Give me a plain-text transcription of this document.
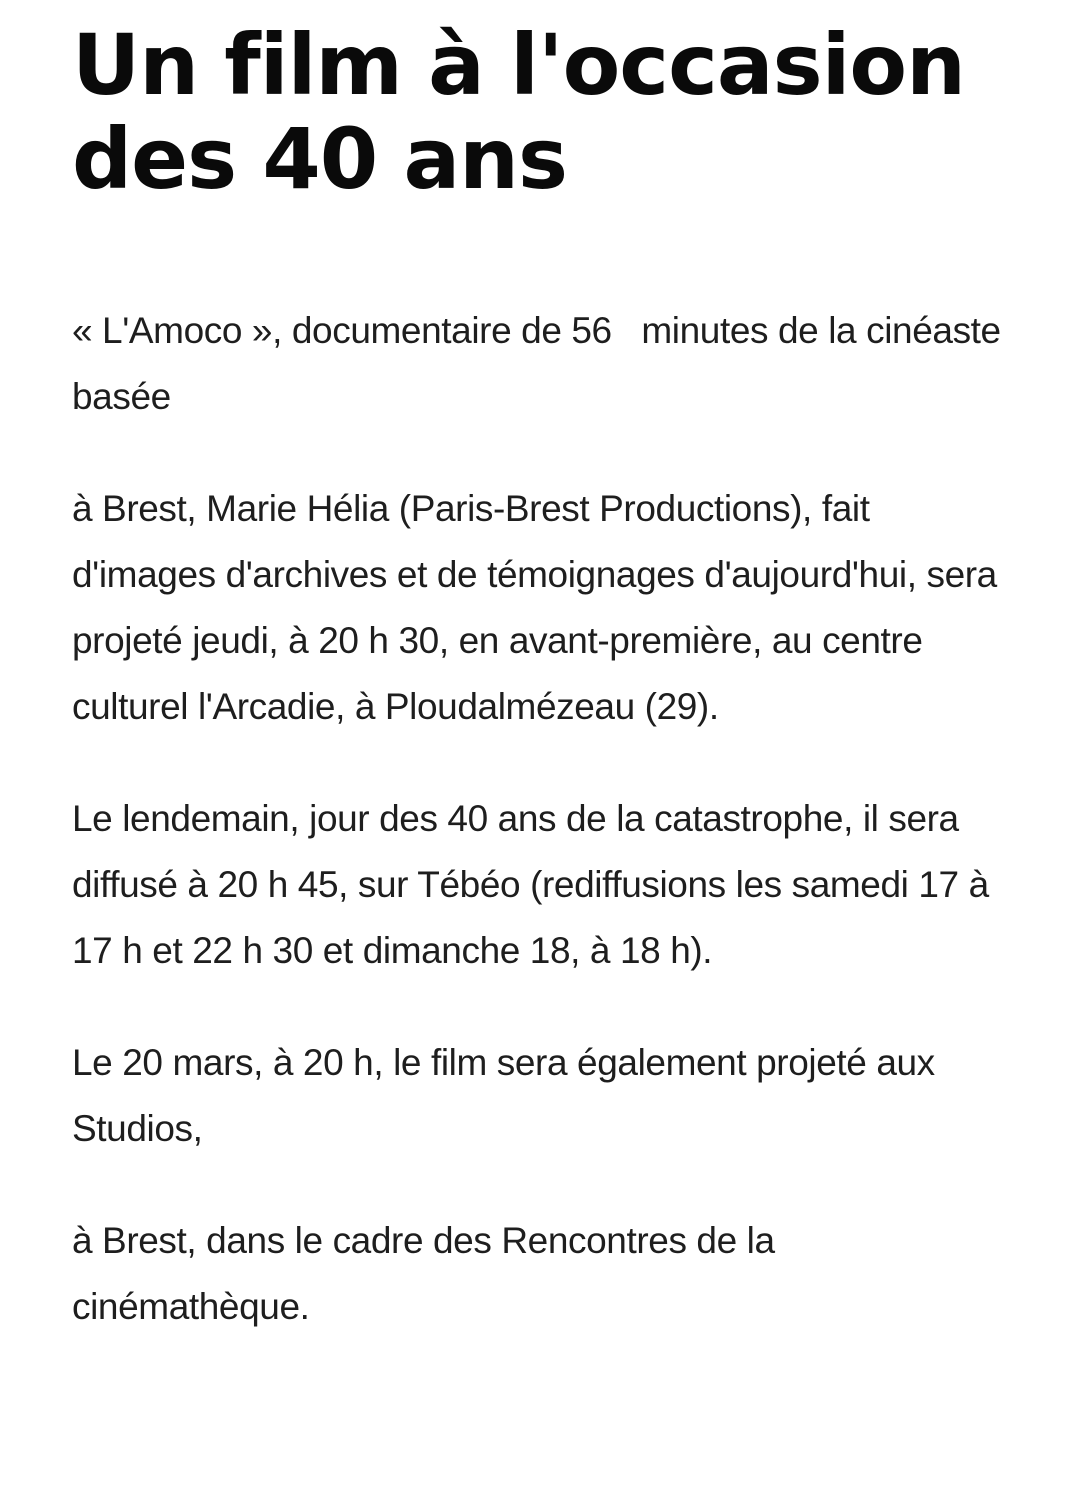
Un film à l'occasion des 40 ans

« L'Amoco », documentaire de 56   minutes de la cinéaste basée

à Brest, Marie Hélia (Paris-Brest Productions), fait d'images d'archives et de témoignages d'aujourd'hui, sera projeté jeudi, à 20 h 30, en avant-première, au centre culturel l'Arcadie, à Ploudalmézeau (29).

Le lendemain, jour des 40 ans de la catastrophe, il sera diffusé à 20 h 45, sur Tébéo (rediffusions les samedi 17 à 17 h et 22 h 30 et dimanche 18, à 18 h).

Le 20 mars, à 20 h, le film sera également projeté aux Studios,

à Brest, dans le cadre des Rencontres de la cinémathèque.
